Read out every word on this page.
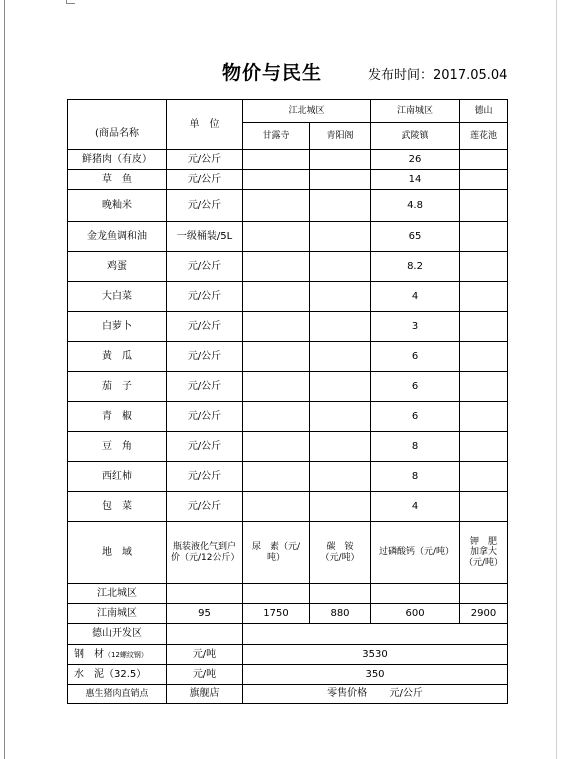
物价与民生	发布时间：2017.05.04
(商品名称	单　位	江北城区		江南城区	德山
		甘露寺	青阳阁	武陵镇	莲花池
鲜猪肉（有皮）	元/公斤			26	
草　鱼	元/公斤			14	
晚籼米	元/公斤			4.8	
金龙鱼调和油	一级桶装/5L			65	
鸡蛋	元/公斤			8.2	
大白菜	元/公斤			4	
白萝卜	元/公斤			3	
黄　瓜	元/公斤			6	
茄　子	元/公斤			6	
青　椒	元/公斤			6	
豆　角	元/公斤			8	
西红柿	元/公斤			8	
包　菜	元/公斤			4	
地　域	瓶装液化气到户价（元/12公斤）	尿　素（元/吨）	碳　铵（元/吨）	过磷酸钙（元/吨）	钾　肥
加拿大
（元/吨）

江北城区					
江南城区	95	1750	880	600	2900
德山开发区					
钢　材（12螺纹钢）	元/吨	3530			
水　泥（32.5）	元/吨	350			
惠生猪肉直销点	旗舰店	零售价格 元/公斤			
